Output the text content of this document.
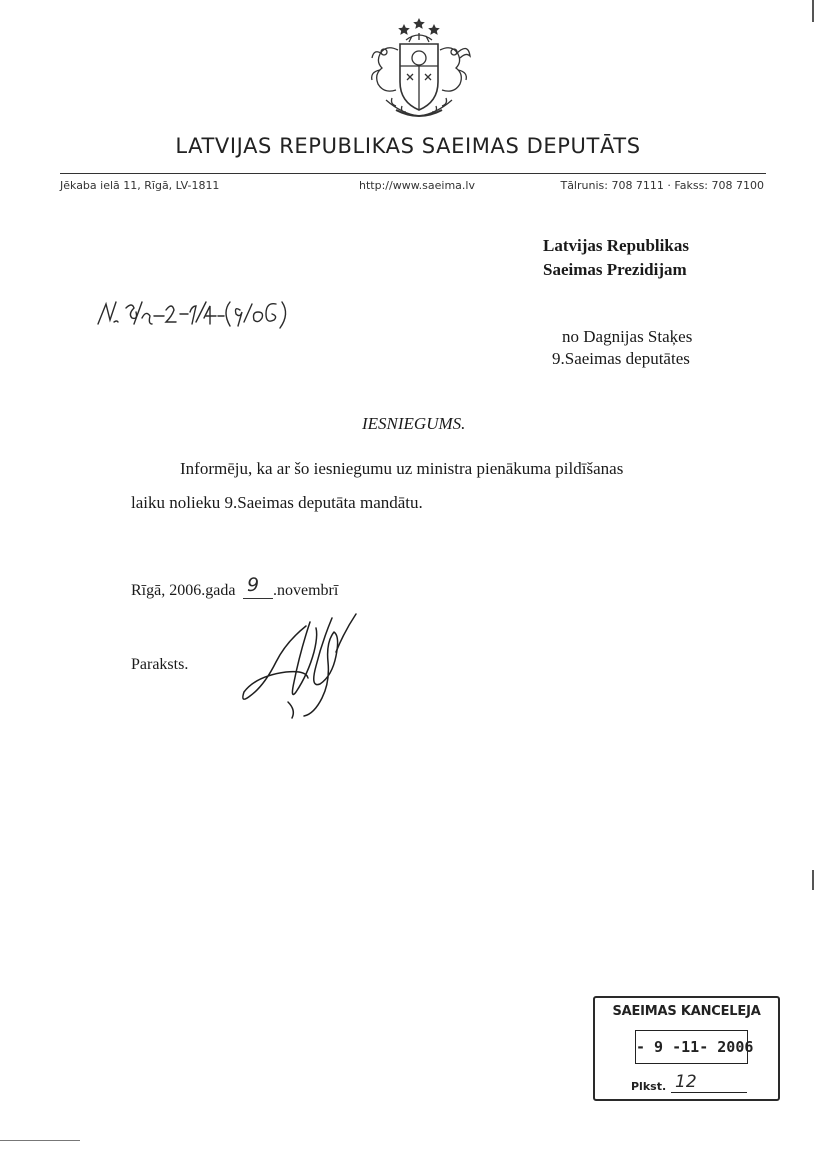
LATVIJAS REPUBLIKAS SAEIMAS DEPUTĀTS
Jēkaba ielā 11, Rīgā, LV-1811	http://www.saeima.lv	Tālrunis: 708 7111 · Fakss: 708 7100
Latvijas Republikas
Saeimas Prezidijam
no Dagnijas Staķes
9.Saeimas deputātes
IESNIEGUMS.
Informēju, ka ar šo iesniegumu uz ministra pienākuma pildīšanas
laiku nolieku 9.Saeimas deputāta mandātu.
Rīgā, 2006.gada 9 .novembrī
Paraksts.
SAEIMAS KANCELEJA
- 9 -11- 2006
Plkst. 12
